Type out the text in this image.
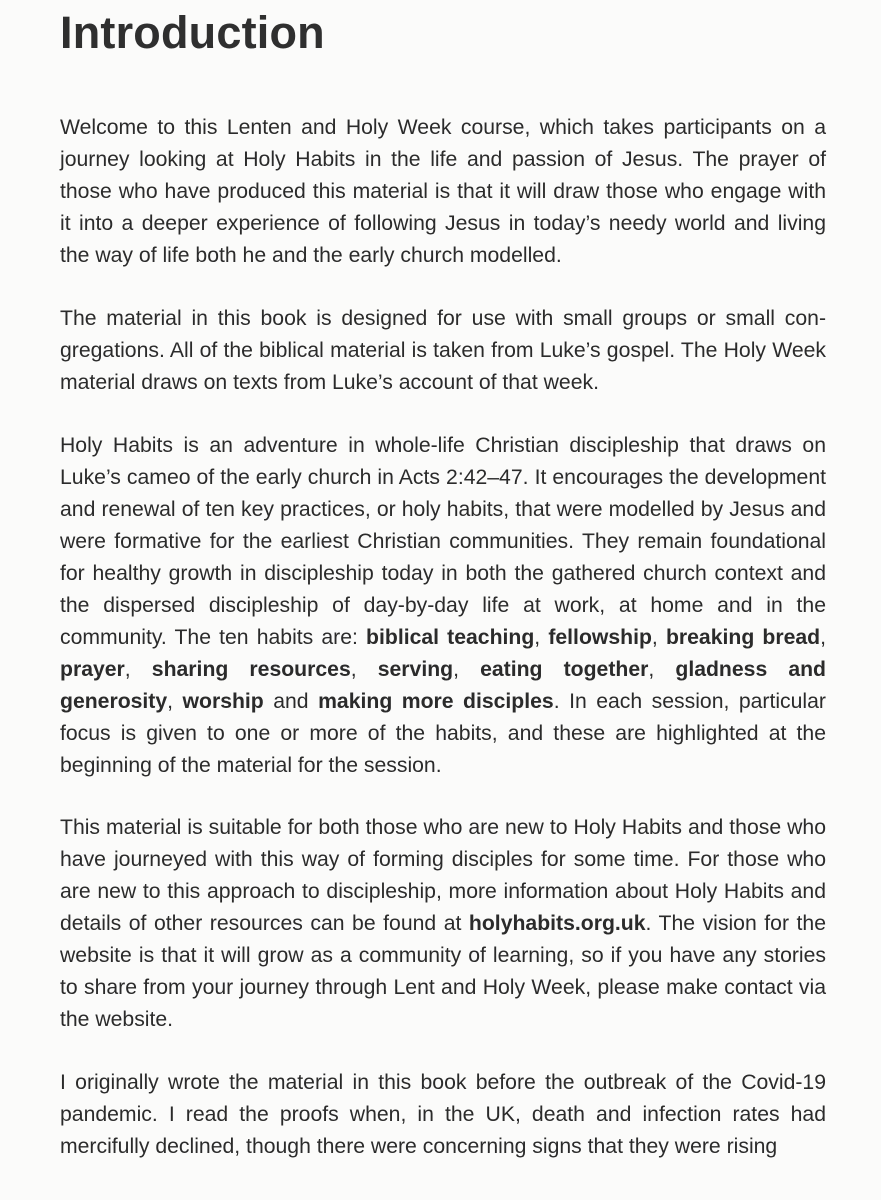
Introduction

Welcome to this Lenten and Holy Week course, which takes participants on a journey looking at Holy Habits in the life and passion of Jesus. The prayer of those who have produced this material is that it will draw those who engage with it into a deeper experience of following Jesus in today’s needy world and living the way of life both he and the early church modelled.

The material in this book is designed for use with small groups or small congregations. All of the biblical material is taken from Luke’s gospel. The Holy Week material draws on texts from Luke’s account of that week.

Holy Habits is an adventure in whole-life Christian discipleship that draws on Luke’s cameo of the early church in Acts 2:42–47. It encourages the development and renewal of ten key practices, or holy habits, that were modelled by Jesus and were formative for the earliest Christian communities. They remain foundational for healthy growth in discipleship today in both the gathered church context and the dispersed discipleship of day-by-day life at work, at home and in the community. The ten habits are: biblical teaching, fellowship, breaking bread, prayer, sharing resources, serving, eating together, gladness and generosity, worship and making more disciples. In each session, particular focus is given to one or more of the habits, and these are highlighted at the beginning of the material for the session.

This material is suitable for both those who are new to Holy Habits and those who have journeyed with this way of forming disciples for some time. For those who are new to this approach to discipleship, more information about Holy Habits and details of other resources can be found at holyhabits.org.uk. The vision for the website is that it will grow as a community of learning, so if you have any stories to share from your journey through Lent and Holy Week, please make contact via the website.

I originally wrote the material in this book before the outbreak of the Covid-19 pandemic. I read the proofs when, in the UK, death and infection rates had mercifully declined, though there were concerning signs that they were rising
